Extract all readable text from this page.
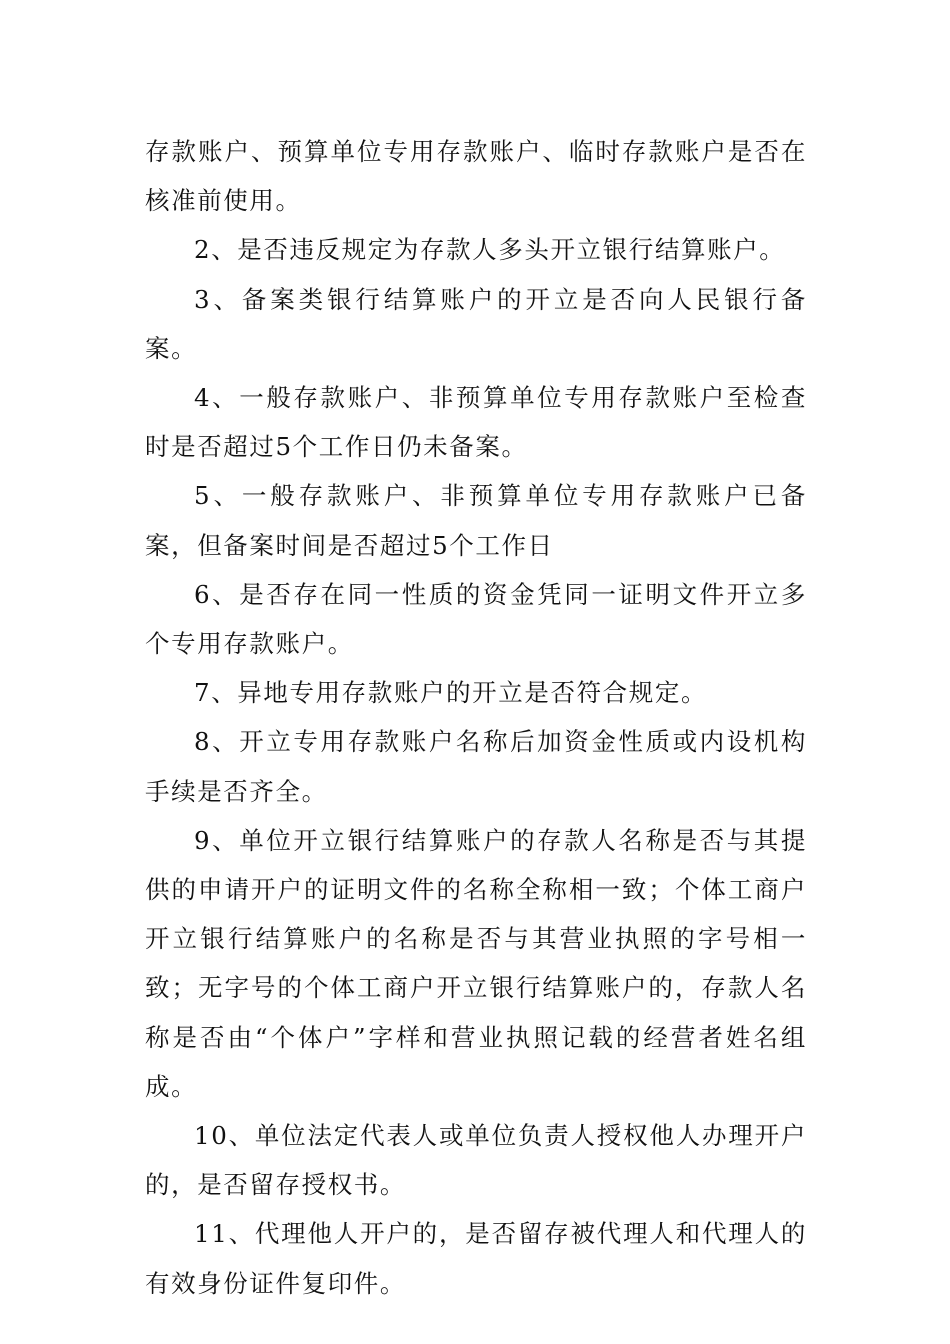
存款账户、预算单位专用存款账户、临时存款账户是否在核准前使用。

2、是否违反规定为存款人多头开立银行结算账户。

3、备案类银行结算账户的开立是否向人民银行备案。

4、一般存款账户、非预算单位专用存款账户至检查时是否超过5个工作日仍未备案。

5、一般存款账户、非预算单位专用存款账户已备案，但备案时间是否超过5个工作日

6、是否存在同一性质的资金凭同一证明文件开立多个专用存款账户。

7、异地专用存款账户的开立是否符合规定。

8、开立专用存款账户名称后加资金性质或内设机构手续是否齐全。

9、单位开立银行结算账户的存款人名称是否与其提供的申请开户的证明文件的名称全称相一致；个体工商户开立银行结算账户的名称是否与其营业执照的字号相一致；无字号的个体工商户开立银行结算账户的，存款人名称是否由“个体户”字样和营业执照记载的经营者姓名组成。

10、单位法定代表人或单位负责人授权他人办理开户的，是否留存授权书。

11、代理他人开户的，是否留存被代理人和代理人的有效身份证件复印件。
